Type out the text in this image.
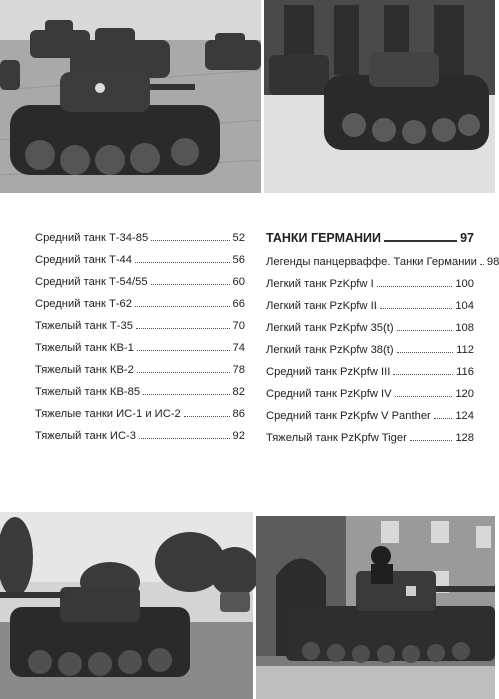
Средний танк Т-34-85	52
Средний танк Т-44	56
Средний танк Т-54/55	60
Средний танк Т-62	66
Тяжелый танк Т-35	70
Тяжелый танк КВ-1	74
Тяжелый танк КВ-2	78
Тяжелый танк КВ-85	82
Тяжелые танки ИС-1 и ИС-2	86
Тяжелый танк ИС-3	92
ТАНКИ ГЕРМАНИИ	97
Легенды панцерваффе. Танки Германии 98
Легкий танк PzKpfw I	100
Легкий танк PzKpfw II	104
Легкий танк PzKpfw 35(t)	108
Легкий танк PzKpfw 38(t)	112
Средний танк PzKpfw III	116
Средний танк PzKpfw IV	120
Средний танк PzKpfw V Panther 124
Тяжелый танк PzKpfw Tiger	128
